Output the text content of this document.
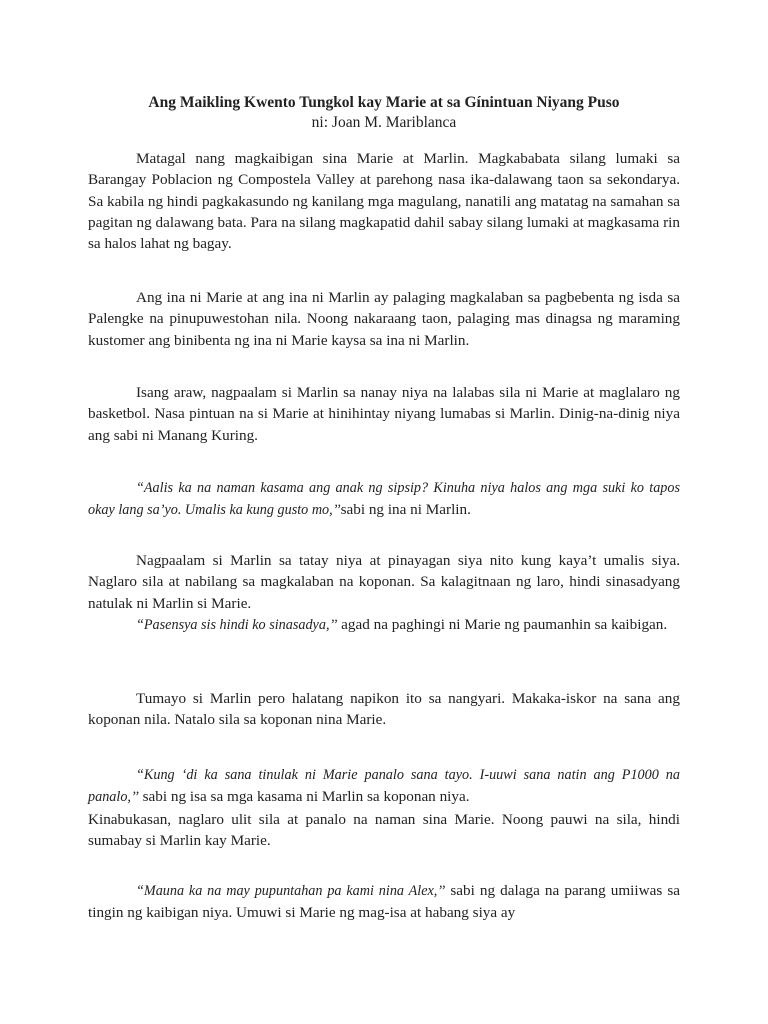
Ang Maikling Kwento Tungkol kay Marie at sa Gínintuan Niyang Puso

ni: Joan M. Mariblanca

Matagal nang magkaibigan sina Marie at Marlin. Magkababata silang lumaki sa Barangay Poblacion ng Compostela Valley at parehong nasa ika-dalawang taon sa sekondarya. Sa kabila ng hindi pagkakasundo ng kanilang mga magulang, nanatili ang matatag na samahan sa pagitan ng dalawang bata. Para na silang magkapatid dahil sabay silang lumaki at magkasama rin sa halos lahat ng bagay.

Ang ina ni Marie at ang ina ni Marlin ay palaging magkalaban sa pagbebenta ng isda sa Palengke na pinupuwestohan nila. Noong nakaraang taon, palaging mas dinagsa ng maraming kustomer ang binibenta ng ina ni Marie kaysa sa ina ni Marlin.

Isang araw, nagpaalam si Marlin sa nanay niya na lalabas sila ni Marie at maglalaro ng basketbol. Nasa pintuan na si Marie at hinihintay niyang lumabas si Marlin. Dinig-na-dinig niya ang sabi ni Manang Kuring.

“Aalis ka na naman kasama ang anak ng sipsip? Kinuha niya halos ang mga suki ko tapos okay lang sa’yo. Umalis ka kung gusto mo,’’sabi ng ina ni Marlin.

Nagpaalam si Marlin sa tatay niya at pinayagan siya nito kung kaya’t umalis siya. Naglaro sila at nabilang sa magkalaban na koponan. Sa kalagitnaan ng laro, hindi sinasadyang natulak ni Marlin si Marie.
“Pasensya sis hindi ko sinasadya,’’ agad na paghingi ni Marie ng paumanhin sa kaibigan.

Tumayo si Marlin pero halatang napikon ito sa nangyari. Makaka-iskor na sana ang koponan nila. Natalo sila sa koponan nina Marie.

“Kung ‘di ka sana tinulak ni Marie panalo sana tayo. I-uuwi sana natin ang P1000 na panalo,’’ sabi ng isa sa mga kasama ni Marlin sa koponan niya.
Kinabukasan, naglaro ulit sila at panalo na naman sina Marie. Noong pauwi na sila, hindi sumabay si Marlin kay Marie.

“Mauna ka na may pupuntahan pa kami nina Alex,’’ sabi ng dalaga na parang umiiwas sa tingin ng kaibigan niya. Umuwi si Marie ng mag-isa at habang siya ay
